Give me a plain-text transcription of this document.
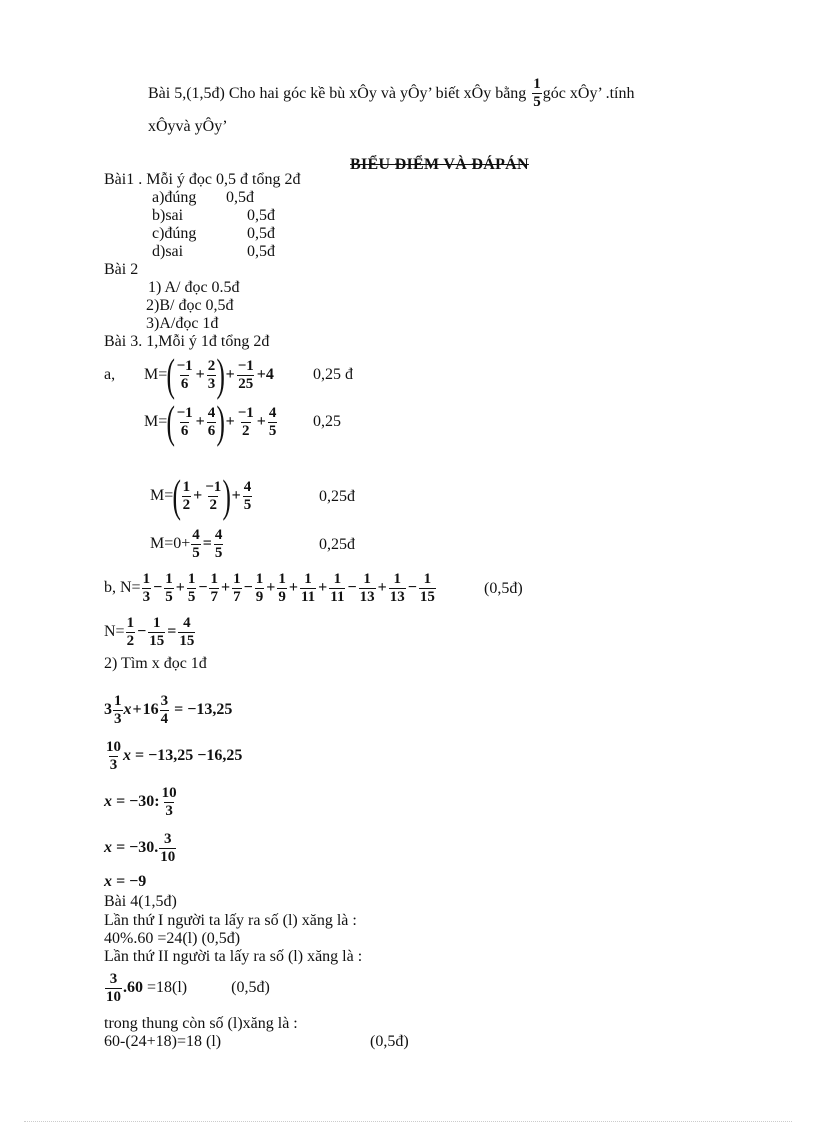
Bài 5,(1,5đ) Cho hai góc kề bù xÔy và yÔy’ biết xÔy bằng $\frac{1}{5}$ góc xÔy’ .tính
xÔyvà yÔy’
BIỂU ĐIỂM VÀ ĐÁPÁN
Bài1 . Mỗi ý đọc 0,5 đ tổng 2đ
a)đúng 0,5đ
b)sai	0,5đ
c)đúng	0,5đ
d)sai	0,5đ
Bài 2
1) A/ đọc 0.5đ
2)B/ đọc 0,5đ
3)A/đọc 1đ
Bài 3. 1,Mỗi ý 1đ tổng 2đ
a, M= ( $\frac{-1}{6} + \frac{2}{3}$ ) + $\frac{-1}{25} +4$ 0,25 đ
M= ( $\frac{-1}{6} + \frac{4}{6}$ ) + $\frac{-1}{2} + \frac{4}{5} 0,25$
M= ( $\frac{1}{2} + \frac{-1}{2}$ ) + $\frac{4}{5}$	0,25đ
$M=0+ \frac{4}{5} = \frac{4}{5}$	0,25đ
b, $N= \frac{1}{3} - \frac{1}{5} + \frac{1}{5} - \frac{1}{7} + \frac{1}{7} - \frac{1}{9} + \frac{1}{9} + \frac{1}{11} + \frac{1}{11} - \frac{1}{13} + \frac{1}{13} - \frac{1}{15}$	(0,5đ)
$N= \frac{1}{2} - \frac{1}{15} = \frac{4}{15}$
2) Tìm x đọc 1đ
$3 \frac{1}{3}$ $x + 16 \frac{3}{4} = -13,25$
$\frac{10}{3}$ x = −13,25 −16,25
x = −30: $\frac{10}{3}$
x = −30. $\frac{3}{10}$
x = −9
Bài 4(1,5đ)
Lần thứ I người ta lấy ra số (l) xăng là :
40%.60 =24(l) (0,5đ)
Lần thứ II người ta lấy ra số (l) xăng là :
$\frac{3}{10} .60 =18(l)$           (0,5đ)
trong thung còn số (l)xăng là :
60-(24+18)=18 (l)	(0,5đ)
